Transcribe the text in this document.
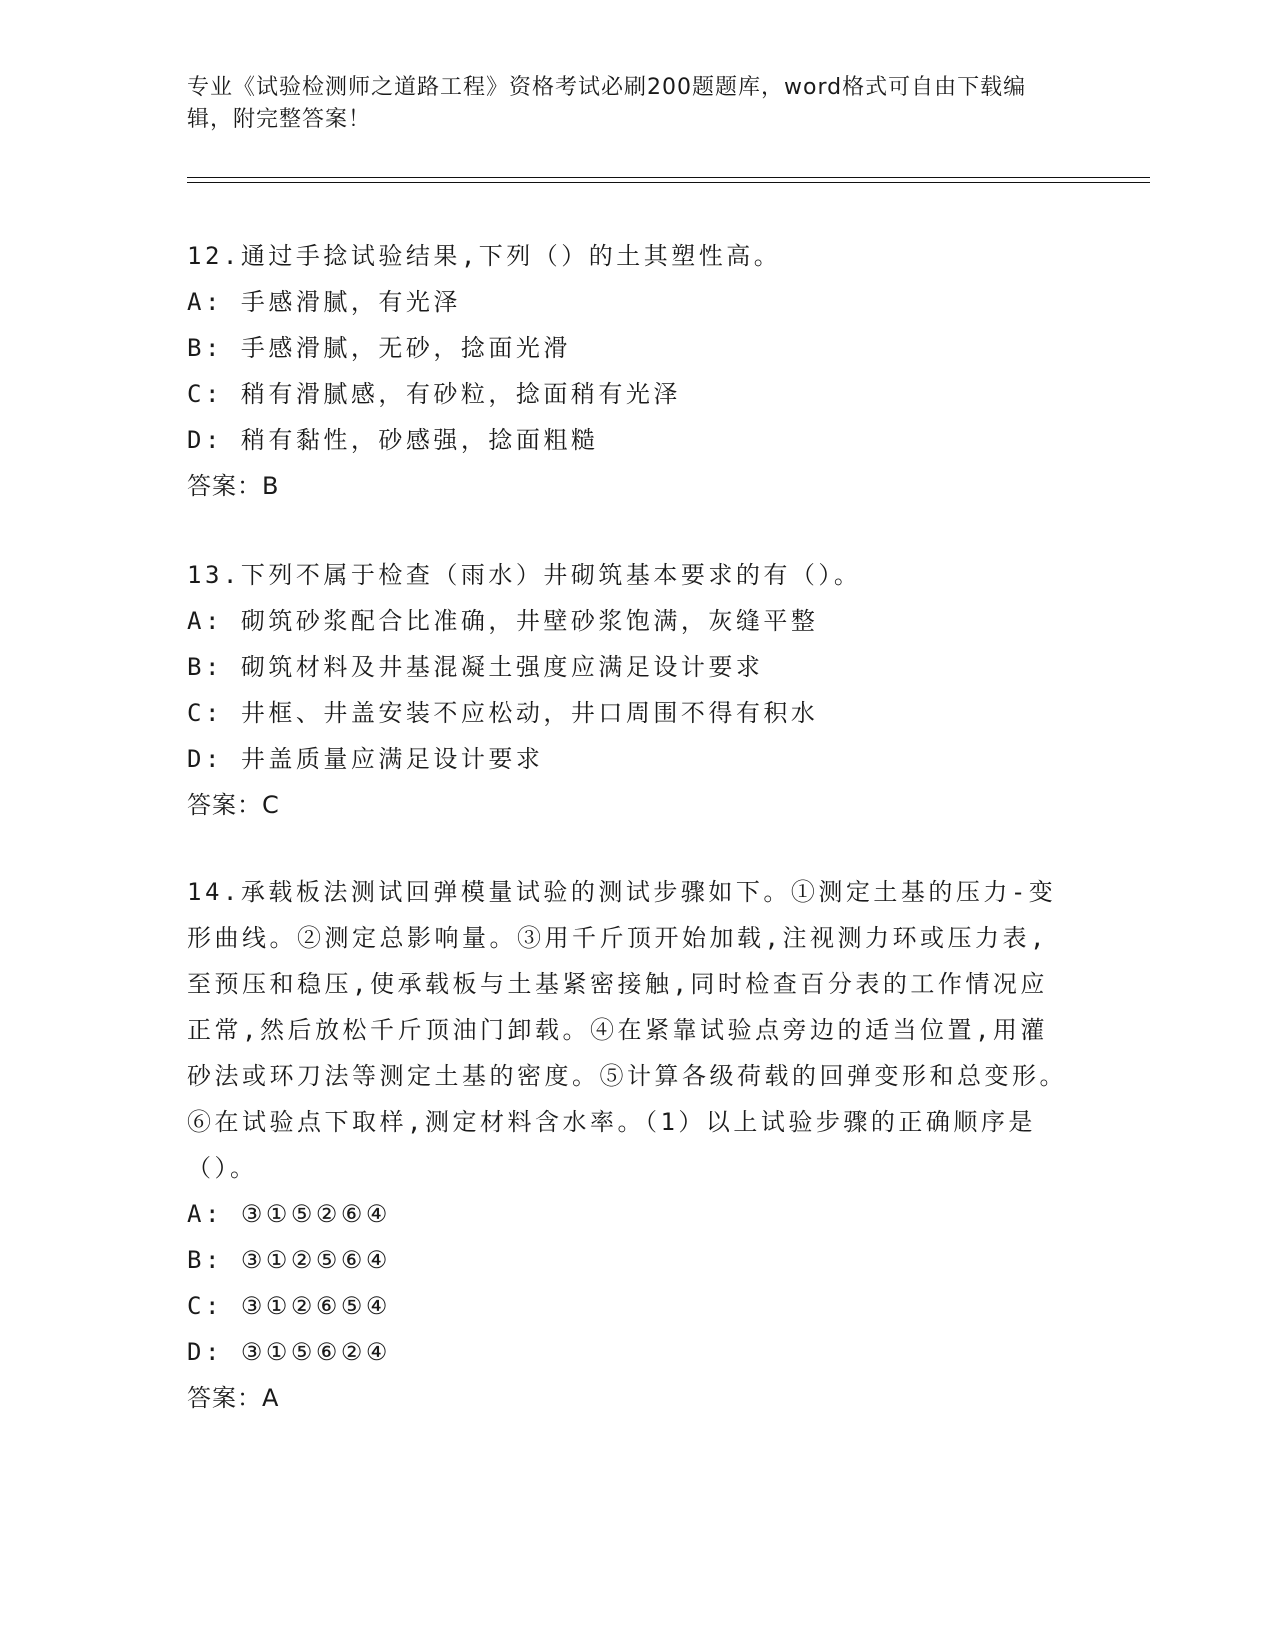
专业《试验检测师之道路工程》资格考试必刷200题题库，word格式可自由下载编辑，附完整答案！

12.通过手捻试验结果,下列（）的土其塑性高。

A: 手感滑腻，有光泽

B: 手感滑腻，无砂，捻面光滑

C: 稍有滑腻感，有砂粒，捻面稍有光泽

D: 稍有黏性，砂感强，捻面粗糙

答案：B

13.下列不属于检查（雨水）井砌筑基本要求的有（）。

A: 砌筑砂浆配合比准确，井壁砂浆饱满，灰缝平整

B: 砌筑材料及井基混凝土强度应满足设计要求

C: 井框、井盖安装不应松动，井口周围不得有积水

D: 井盖质量应满足设计要求

答案：C

14.承载板法测试回弹模量试验的测试步骤如下。①测定土基的压力-变形曲线。②测定总影响量。③用千斤顶开始加载,注视测力环或压力表,至预压和稳压,使承载板与土基紧密接触,同时检查百分表的工作情况应正常,然后放松千斤顶油门卸载。④在紧靠试验点旁边的适当位置,用灌砂法或环刀法等测定土基的密度。⑤计算各级荷载的回弹变形和总变形。⑥在试验点下取样,测定材料含水率。（1）以上试验步骤的正确顺序是（）。

A: ③①⑤②⑥④

B: ③①②⑤⑥④

C: ③①②⑥⑤④

D: ③①⑤⑥②④

答案：A
